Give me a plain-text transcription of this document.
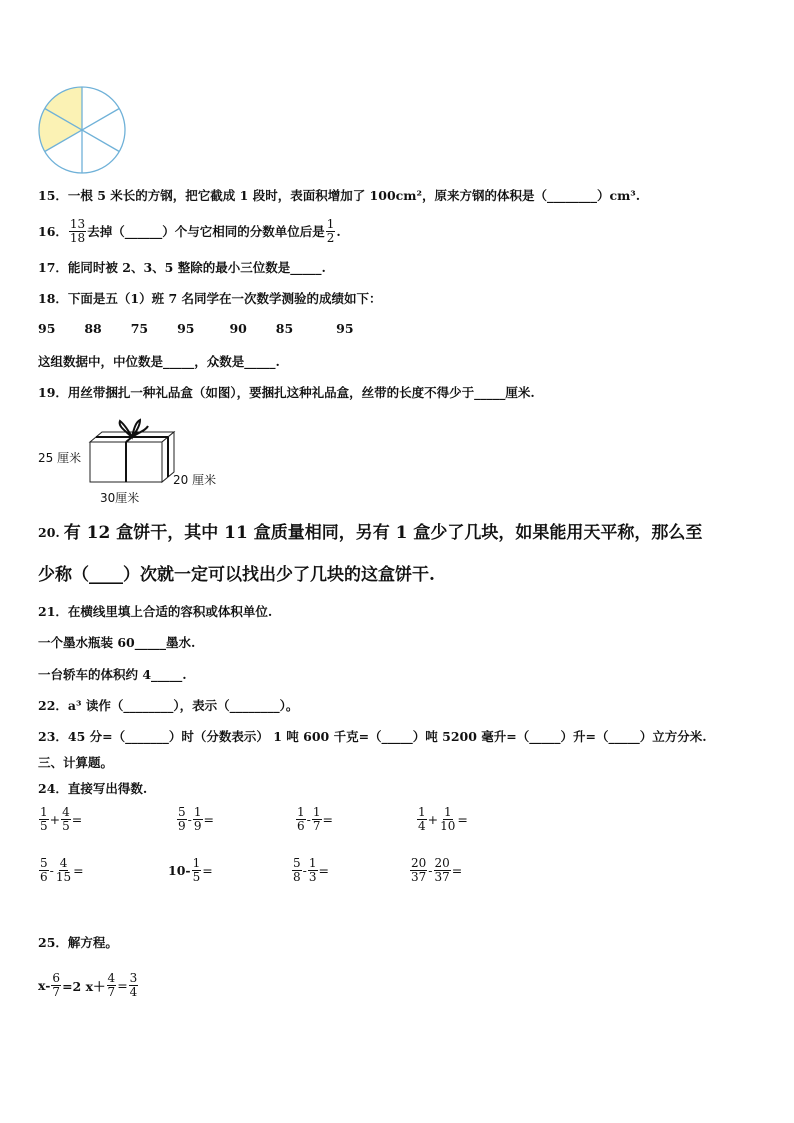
15．一根 5 米长的方钢，把它截成 1 段时，表面积增加了 100cm²，原来方钢的体积是（________）cm³.
16． $\frac{13}{18}$ 去掉（______）个与它相同的分数单位后是 $\frac{1}{2}$ .
17．能同时被 2、3、5 整除的最小三位数是_____.
18．下面是五（1）班 7 名同学在一次数学测验的成绩如下：
95 88 75 95	90 85	95
这组数据中，中位数是_____，众数是_____.
19．用丝带捆扎一种礼品盒（如图），要捆扎这种礼品盒，丝带的长度不得少于_____厘米.
25 厘米
20 厘米
30厘米
20. 有 12 盒饼干，其中 11 盒质量相同，另有 1 盒少了几块，如果能用天平称，那么至
少称（____）次就一定可以找出少了几块的这盒饼干.
21．在横线里填上合适的容积或体积单位.
一个墨水瓶装 60_____墨水.
一台轿车的体积约 4_____.
22．a³ 读作（________），表示（________）。
23．45 分=（_______）时（分数表示） 1 吨 600 千克=（_____）吨 5200 毫升=（_____）升=（_____）立方分米.
三、计算题。
24．直接写出得数.
$\frac{1}{5} + \frac{4}{5}$ =	$\frac{5}{9} - \frac{1}{9}$ =	$\frac{1}{6} - \frac{1}{7}$ =	$\frac{1}{4} + \frac{1}{10}$ =
$\frac{5}{6} - \frac{4}{15}$ =	$10- \frac{1}{5}$ =	$\frac{5}{8} - \frac{1}{3}$ =	$\frac{20}{37} - \frac{20}{37}$ =
25．解方程。
$x- \frac{6}{7} =2$ $x+ \frac{4}{7} = \frac{3}{4}$
